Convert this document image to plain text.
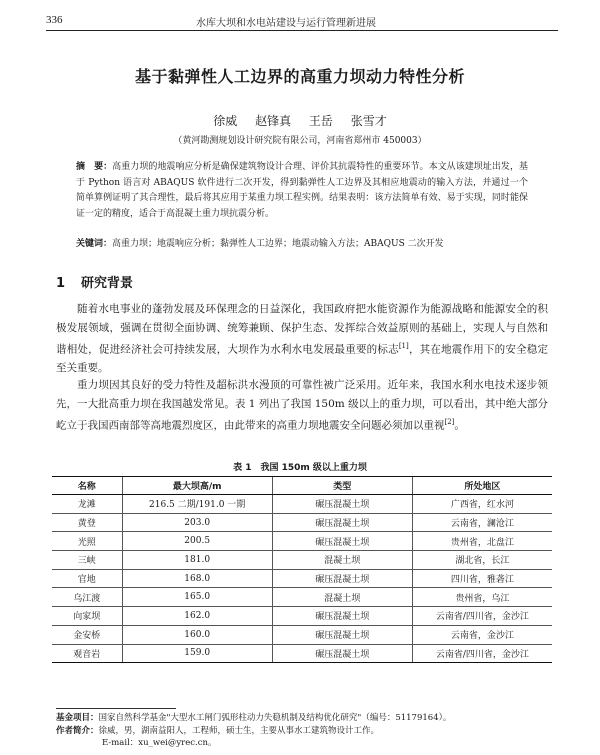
336	水库大坝和水电站建设与运行管理新进展
基于黏弹性人工边界的高重力坝动力特性分析
徐威 赵锋真 王岳 张雪才
（黄河勘测规划设计研究院有限公司，河南省郑州市 450003）
摘　要：高重力坝的地震响应分析是确保建筑物设计合理、评价其抗震特性的重要环节。本文从该建坝址出发，基于 Python 语言对 ABAQUS 软件进行二次开发，得到黏弹性人工边界及其相应地震动的输入方法，并通过一个简单算例证明了其合理性，最后将其应用于某重力坝工程实例。结果表明：该方法简单有效、易于实现，同时能保证一定的精度，适合于高混凝土重力坝抗震分析。
关键词：高重力坝；地震响应分析；黏弹性人工边界；地震动输入方法；ABAQUS 二次开发
1 研究背景
随着水电事业的蓬勃发展及环保理念的日益深化，我国政府把水能资源作为能源战略和能源安全的积极发展领域，强调在贯彻全面协调、统筹兼顾、保护生态、发挥综合效益原则的基础上，实现人与自然和谐相处，促进经济社会可持续发展，大坝作为水利水电发展最重要的标志[1]，其在地震作用下的安全稳定至关重要。
重力坝因其良好的受力特性及超标洪水漫顶的可靠性被广泛采用。近年来，我国水利水电技术逐步领先，一大批高重力坝在我国越发常见。表 1 列出了我国 150m 级以上的重力坝，可以看出，其中绝大部分屹立于我国西南部等高地震烈度区，由此带来的高重力坝地震安全问题必须加以重视[2]。
表 1　我国 150m 级以上重力坝
名称	最大坝高/m	类型	所处地区
龙滩	216.5 二期/191.0 一期	碾压混凝土坝	广西省，红水河
黄登	203.0	碾压混凝土坝	云南省，澜沧江
光照	200.5	碾压混凝土坝	贵州省，北盘江
三峡	181.0	混凝土坝	湖北省，长江
官地	168.0	碾压混凝土坝	四川省，雅砻江
乌江渡	165.0	混凝土坝	贵州省，乌江
向家坝	162.0	碾压混凝土坝	云南省/四川省，金沙江
金安桥	160.0	碾压混凝土坝	云南省，金沙江
观音岩	159.0	碾压混凝土坝	云南省/四川省，金沙江
基金项目：国家自然科学基金"大型水工闸门弧形柱动力失稳机制及结构优化研究"（编号：51179164）。
作者简介：徐威，男，湖南益阳人，工程师，硕士生，主要从事水工建筑物设计工作。
E-mail：xu_wei@yrec.cn。
